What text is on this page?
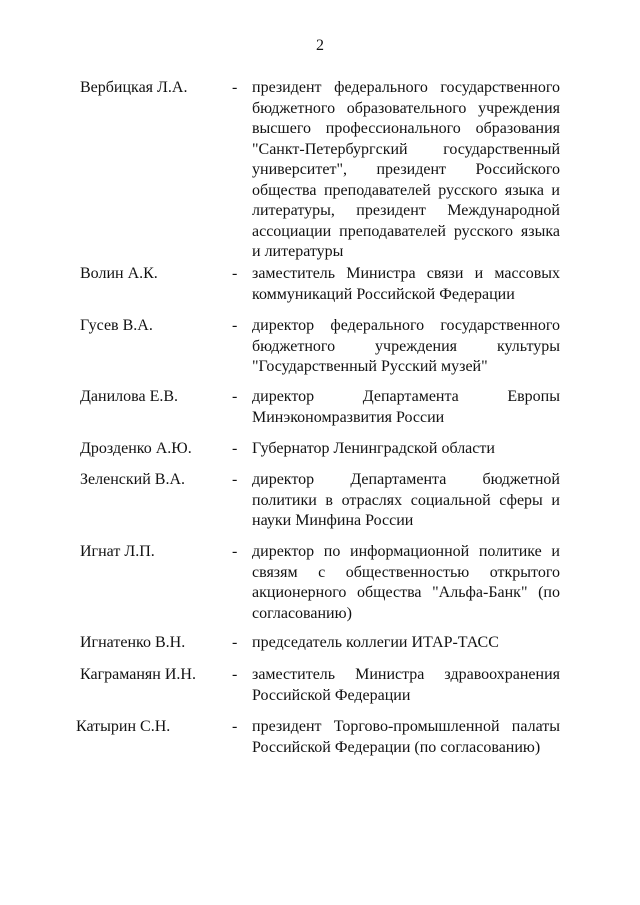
2
Вербицкая Л.А.	- президент федерального государственного бюджетного образовательного учреждения высшего профессионального образования "Санкт-Петербургский государственный университет", президент Российского общества преподавателей русского языка и литературы, президент Международной ассоциации преподавателей русского языка и литературы
Волин А.К.	- заместитель Министра связи и массовых коммуникаций Российской Федерации
Гусев В.А.	- директор федерального государственного бюджетного учреждения культуры "Государственный Русский музей"
Данилова Е.В.	- директор Департамента Европы Минэкономразвития России
Дрозденко А.Ю.	- Губернатор Ленинградской области
Зеленский В.А.	- директор Департамента бюджетной политики в отраслях социальной сферы и науки Минфина России
Игнат Л.П.	- директор по информационной политике и связям с общественностью открытого акционерного общества "Альфа-Банк" (по согласованию)
Игнатенко В.Н.	- председатель коллегии ИТАР-ТАСС
Каграманян И.Н.	- заместитель Министра здравоохранения Российской Федерации
Катырин С.Н.	- президент Торгово-промышленной палаты Российской Федерации (по согласованию)
